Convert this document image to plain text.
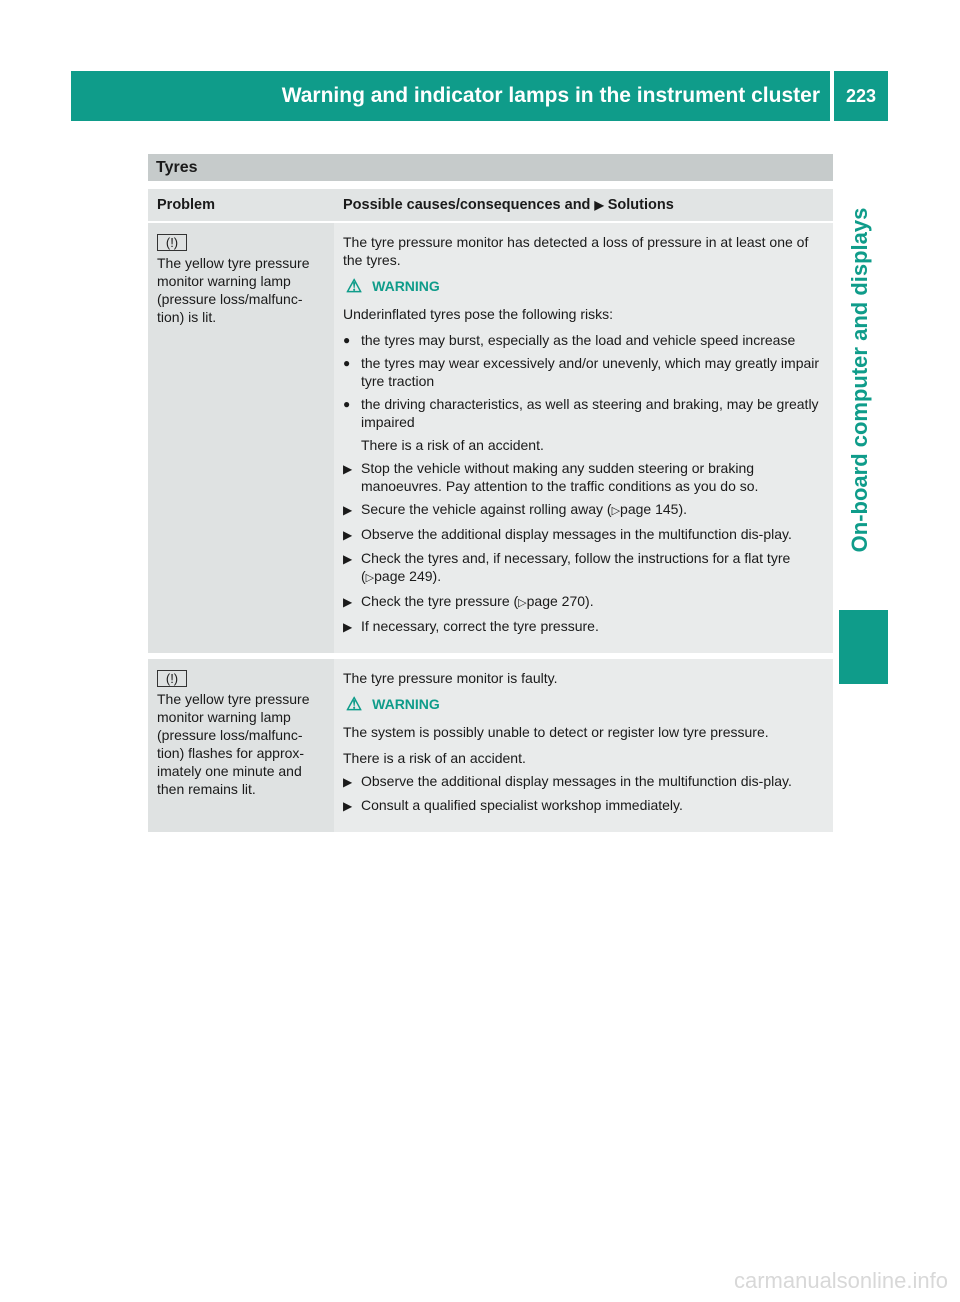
Warning and indicator lamps in the instrument cluster	223
On-board computer and displays
Tyres
Problem	Possible causes/consequences and ▶ Solutions
(!)
The yellow tyre pressure monitor warning lamp (pressure loss/malfunc-tion) is lit.
The tyre pressure monitor has detected a loss of pressure in at least one of the tyres.
⚠ WARNING
Underinflated tyres pose the following risks:
● the tyres may burst, especially as the load and vehicle speed increase
● the tyres may wear excessively and/or unevenly, which may greatly impair tyre traction
● the driving characteristics, as well as steering and braking, may be greatly impaired
There is a risk of an accident.
▶ Stop the vehicle without making any sudden steering or braking manoeuvres. Pay attention to the traffic conditions as you do so.
▶ Secure the vehicle against rolling away (▷page 145).
▶ Observe the additional display messages in the multifunction dis-play.
▶ Check the tyres and, if necessary, follow the instructions for a flat tyre (▷page 249).
▶ Check the tyre pressure (▷page 270).
▶ If necessary, correct the tyre pressure.
(!)
The yellow tyre pressure monitor warning lamp (pressure loss/malfunc-tion) flashes for approx-imately one minute and then remains lit.
The tyre pressure monitor is faulty.
⚠ WARNING
The system is possibly unable to detect or register low tyre pressure.
There is a risk of an accident.
▶ Observe the additional display messages in the multifunction dis-play.
▶ Consult a qualified specialist workshop immediately.
carmanualsonline.info
